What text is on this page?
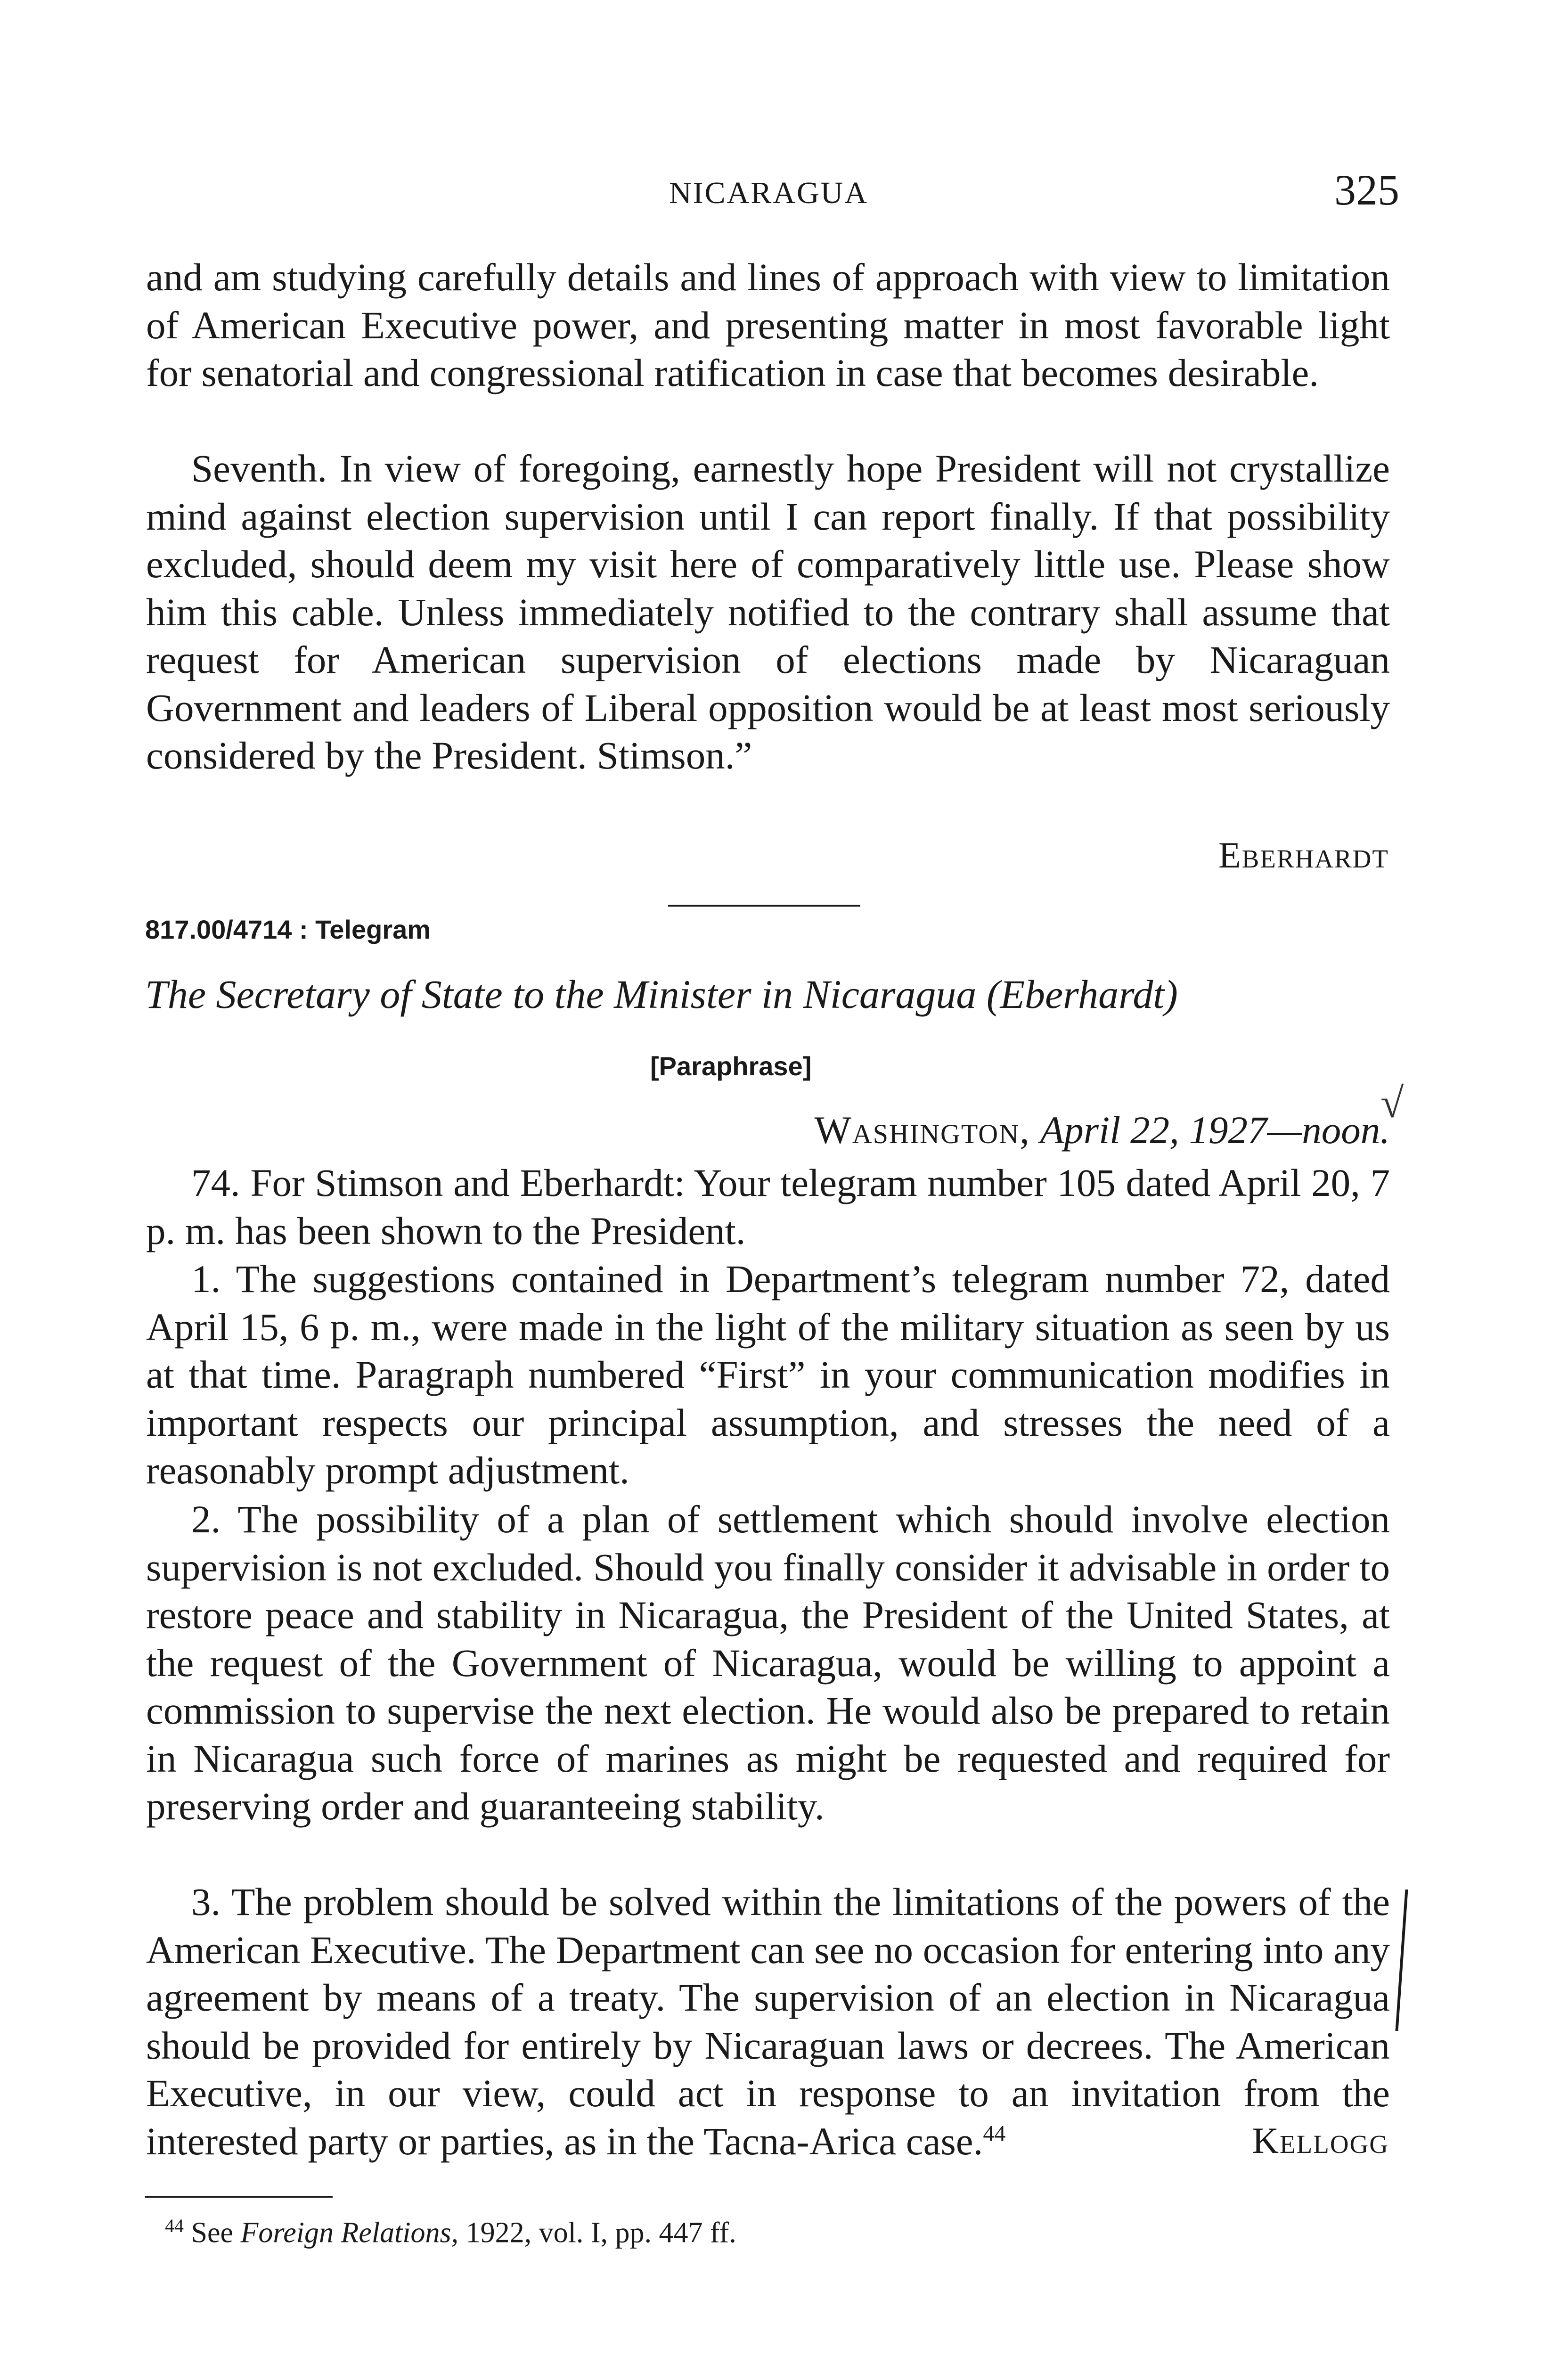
NICARAGUA	325
and am studying carefully details and lines of approach with view to limitation of American Executive power, and presenting matter in most favorable light for senatorial and congressional ratification in case that becomes desirable.
Seventh. In view of foregoing, earnestly hope President will not crystallize mind against election supervision until I can report finally. If that possibility excluded, should deem my visit here of comparatively little use. Please show him this cable. Unless immediately notified to the contrary shall assume that request for American supervision of elections made by Nicaraguan Government and leaders of Liberal opposition would be at least most seriously considered by the President. Stimson.”
Eberhardt
817.00/4714 : Telegram
The Secretary of State to the Minister in Nicaragua (Eberhardt)
[Paraphrase]
Washington, April 22, 1927—noon.
√
74. For Stimson and Eberhardt: Your telegram number 105 dated April 20, 7 p. m. has been shown to the President.
1. The suggestions contained in Department’s telegram number 72, dated April 15, 6 p. m., were made in the light of the military situation as seen by us at that time. Paragraph numbered “First” in your communication modifies in important respects our principal assumption, and stresses the need of a reasonably prompt adjustment.
2. The possibility of a plan of settlement which should involve election supervision is not excluded. Should you finally consider it advisable in order to restore peace and stability in Nicaragua, the President of the United States, at the request of the Government of Nicaragua, would be willing to appoint a commission to supervise the next election. He would also be prepared to retain in Nicaragua such force of marines as might be requested and required for preserving order and guaranteeing stability.
3. The problem should be solved within the limitations of the powers of the American Executive. The Department can see no occasion for entering into any agreement by means of a treaty. The supervision of an election in Nicaragua should be provided for entirely by Nicaraguan laws or decrees. The American Executive, in our view, could act in response to an invitation from the interested party or parties, as in the Tacna-Arica case.$^{44}$	Kellogg
$^{44}$ See Foreign Relations, 1922, vol. I, pp. 447 ff.
